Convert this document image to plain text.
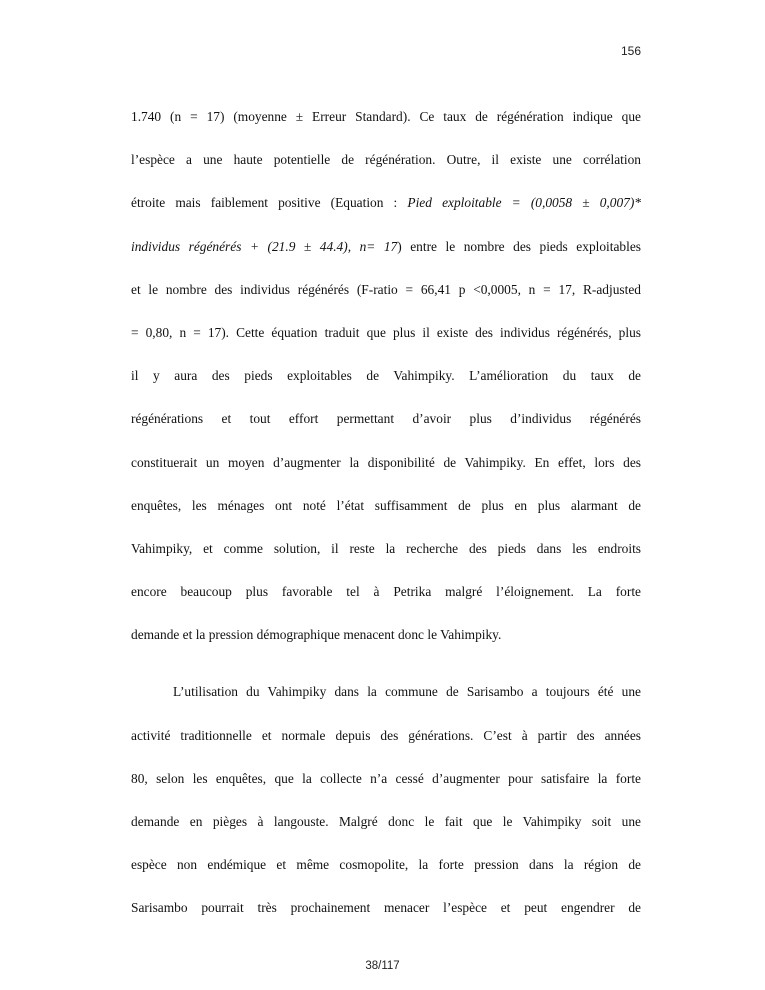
156
1.740 (n = 17) (moyenne ± Erreur Standard). Ce taux de régénération indique que
l’espèce a une haute potentielle de régénération. Outre, il existe une corrélation
étroite mais faiblement positive (Equation : Pied exploitable = (0,0058 ± 0,007)*
individus régénérés + (21.9 ± 44.4), n= 17) entre le nombre des pieds exploitables
et le nombre des individus régénérés (F-ratio = 66,41 p ˂0,0005, n = 17, R-adjusted
= 0,80, n = 17). Cette équation traduit que plus il existe des individus régénérés, plus
il y aura des pieds exploitables de Vahimpiky. L’amélioration du taux de
régénérations et tout effort permettant d’avoir plus d’individus régénérés
constituerait un moyen d’augmenter la disponibilité de Vahimpiky. En effet, lors des
enquêtes, les ménages ont noté l’état suffisamment de plus en plus alarmant de
Vahimpiky, et comme solution, il reste la recherche des pieds dans les endroits
encore beaucoup plus favorable tel à Petrika malgré l’éloignement. La forte
demande et la pression démographique menacent donc le Vahimpiky.
L’utilisation du Vahimpiky dans la commune de Sarisambo a toujours été une
activité traditionnelle et normale depuis des générations. C’est à partir des années
80, selon les enquêtes, que la collecte n’a cessé d’augmenter pour satisfaire la forte
demande en pièges à langouste. Malgré donc le fait que le Vahimpiky soit une
espèce non endémique et même cosmopolite, la forte pression dans la région de
Sarisambo pourrait très prochainement menacer l’espèce et peut engendrer de
38/117
